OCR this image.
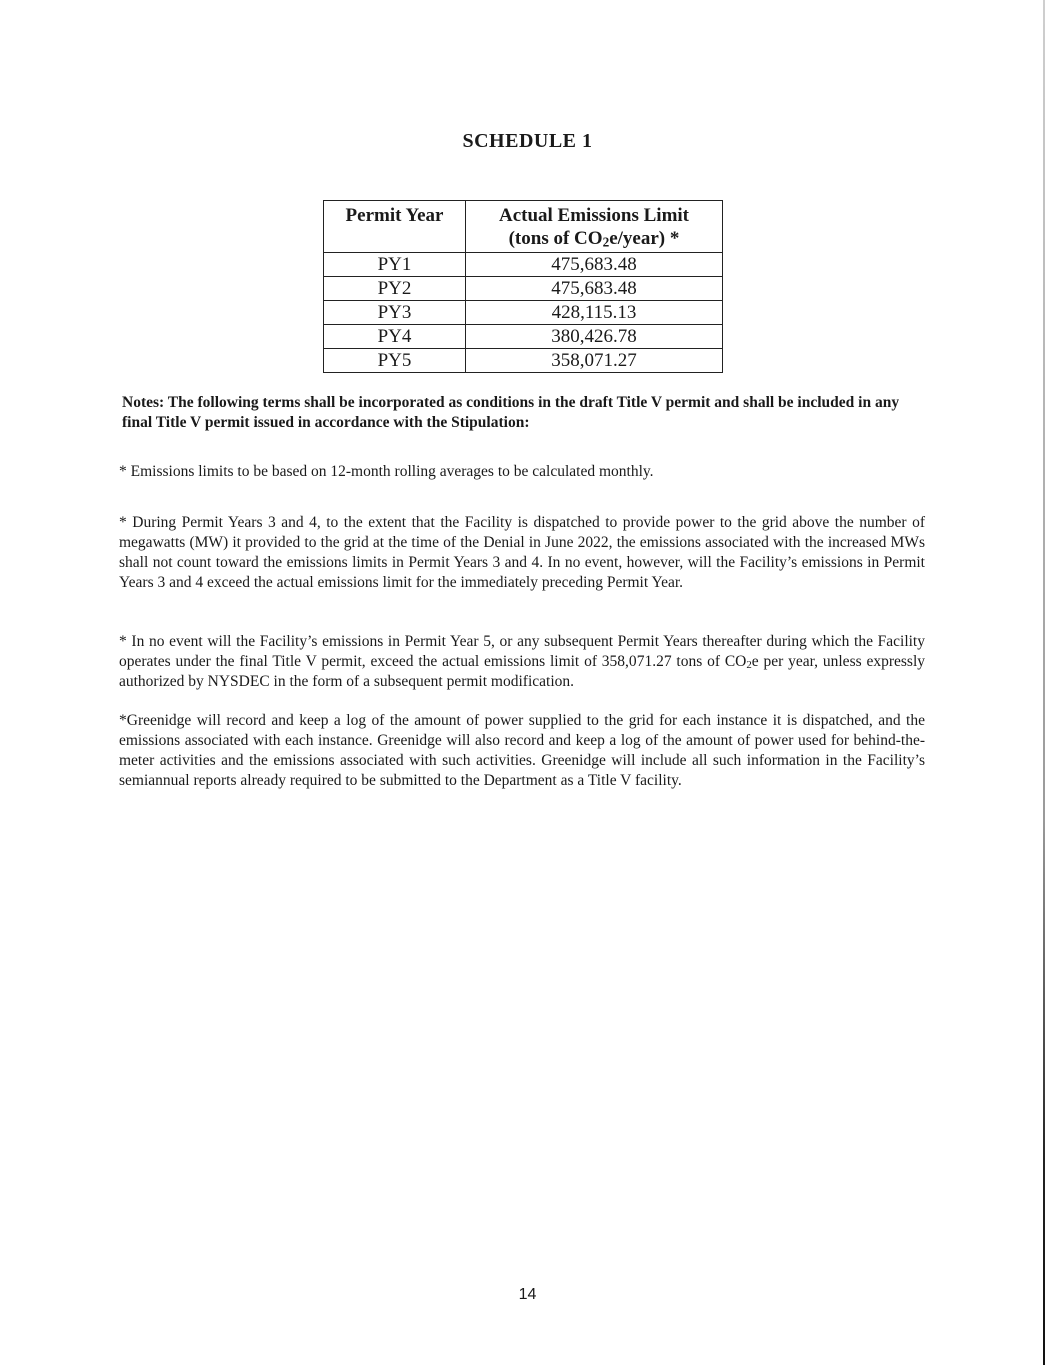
SCHEDULE 1
Permit Year	Actual Emissions Limit
(tons of $CO_2e/year$) *
PY1	475,683.48
PY2	475,683.48
PY3	428,115.13
PY4	380,426.78
PY5	358,071.27
Notes: The following terms shall be incorporated as conditions in the draft Title V permit and shall be included in any final Title V permit issued in accordance with the Stipulation:
* Emissions limits to be based on 12-month rolling averages to be calculated monthly.
* During Permit Years 3 and 4, to the extent that the Facility is dispatched to provide power to the grid above the number of megawatts (MW) it provided to the grid at the time of the Denial in June 2022, the emissions associated with the increased MWs shall not count toward the emissions limits in Permit Years 3 and 4. In no event, however, will the Facility’s emissions in Permit Years 3 and 4 exceed the actual emissions limit for the immediately preceding Permit Year.
* In no event will the Facility’s emissions in Permit Year 5, or any subsequent Permit Years thereafter during which the Facility operates under the final Title V permit, exceed the actual emissions limit of 358,071.27 tons of $CO_2e$ per year, unless expressly authorized by NYSDEC in the form of a subsequent permit modification.
*Greenidge will record and keep a log of the amount of power supplied to the grid for each instance it is dispatched, and the emissions associated with each instance. Greenidge will also record and keep a log of the amount of power used for behind-the-meter activities and the emissions associated with such activities. Greenidge will include all such information in the Facility’s semiannual reports already required to be submitted to the Department as a Title V facility.
14
